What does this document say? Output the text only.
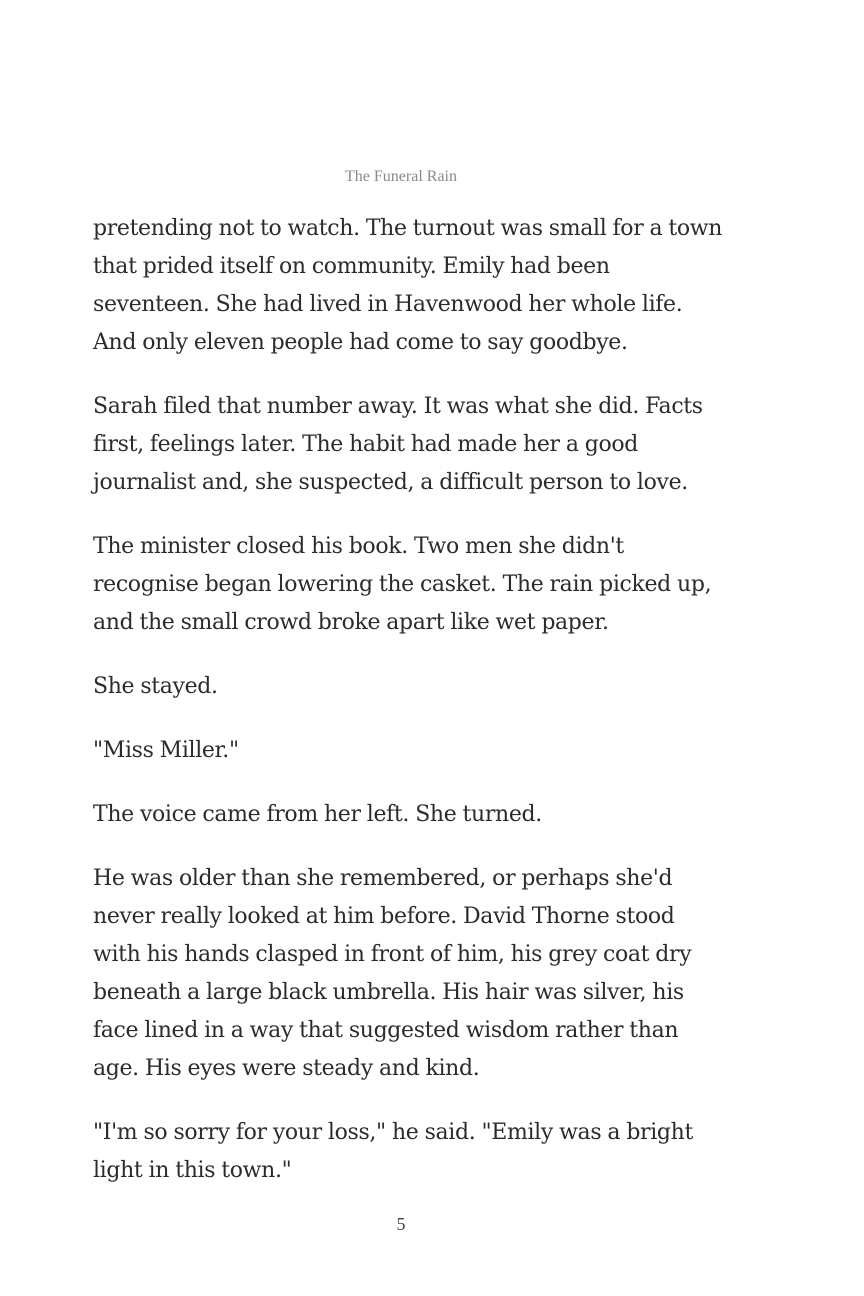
The Funeral Rain

pretending not to watch. The turnout was small for a town that prided itself on community. Emily had been seventeen. She had lived in Havenwood her whole life. And only eleven people had come to say goodbye.

Sarah filed that number away. It was what she did. Facts first, feelings later. The habit had made her a good journalist and, she suspected, a difficult person to love.

The minister closed his book. Two men she didn't recognise began lowering the casket. The rain picked up, and the small crowd broke apart like wet paper.

She stayed.

"Miss Miller."

The voice came from her left. She turned.

He was older than she remembered, or perhaps she'd never really looked at him before. David Thorne stood with his hands clasped in front of him, his grey coat dry beneath a large black umbrella. His hair was silver, his face lined in a way that suggested wisdom rather than age. His eyes were steady and kind.

"I'm so sorry for your loss," he said. "Emily was a bright light in this town."

5
